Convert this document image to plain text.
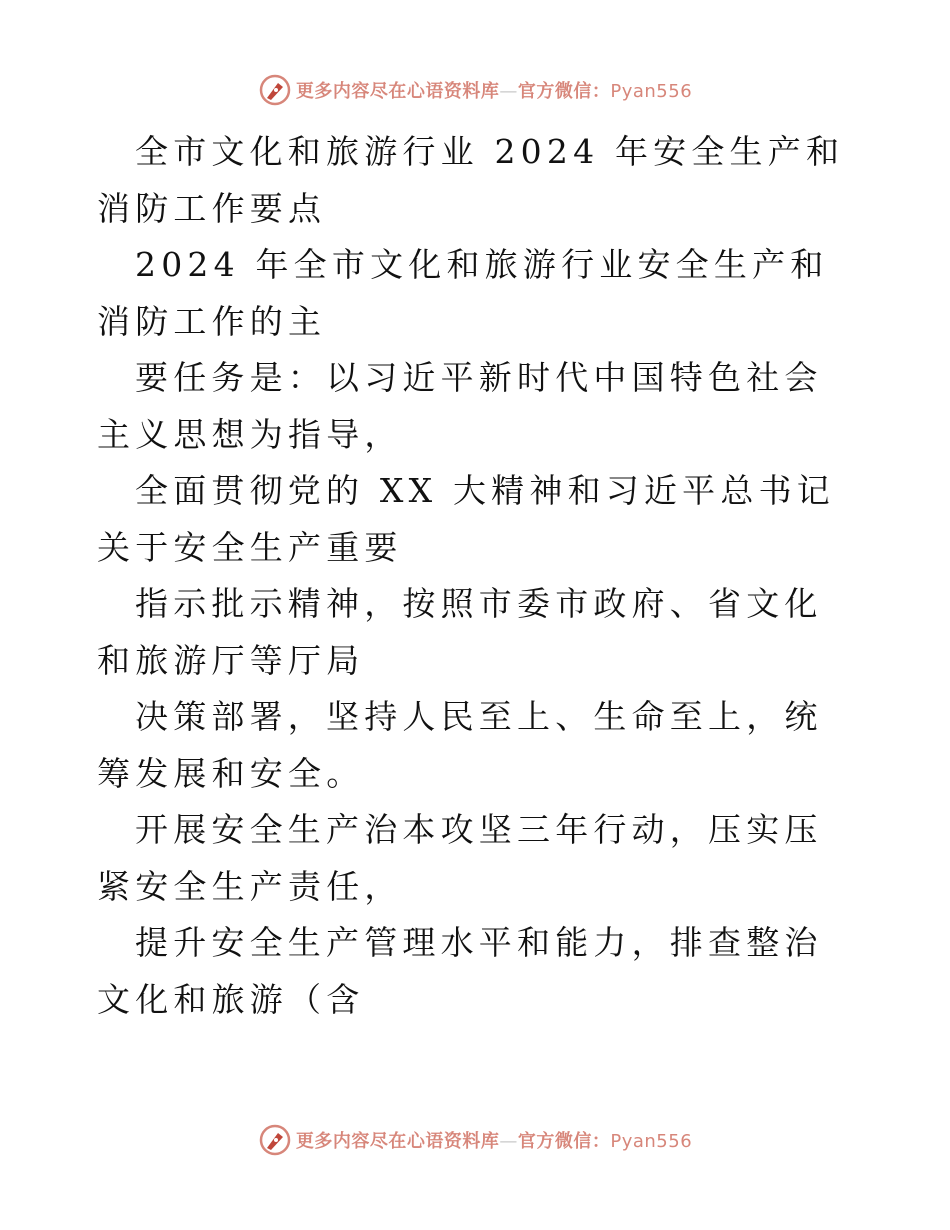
更多内容尽在心语资料库—官方微信：Pyan556

全市文化和旅游行业 2024 年安全生产和消防工作要点

2024 年全市文化和旅游行业安全生产和消防工作的主

要任务是：以习近平新时代中国特色社会主义思想为指导，

全面贯彻党的 XX 大精神和习近平总书记关于安全生产重要

指示批示精神，按照市委市政府、省文化和旅游厅等厅局

决策部署，坚持人民至上、生命至上，统筹发展和安全。

开展安全生产治本攻坚三年行动，压实压紧安全生产责任，

提升安全生产管理水平和能力，排查整治文化和旅游（含

更多内容尽在心语资料库—官方微信：Pyan556
